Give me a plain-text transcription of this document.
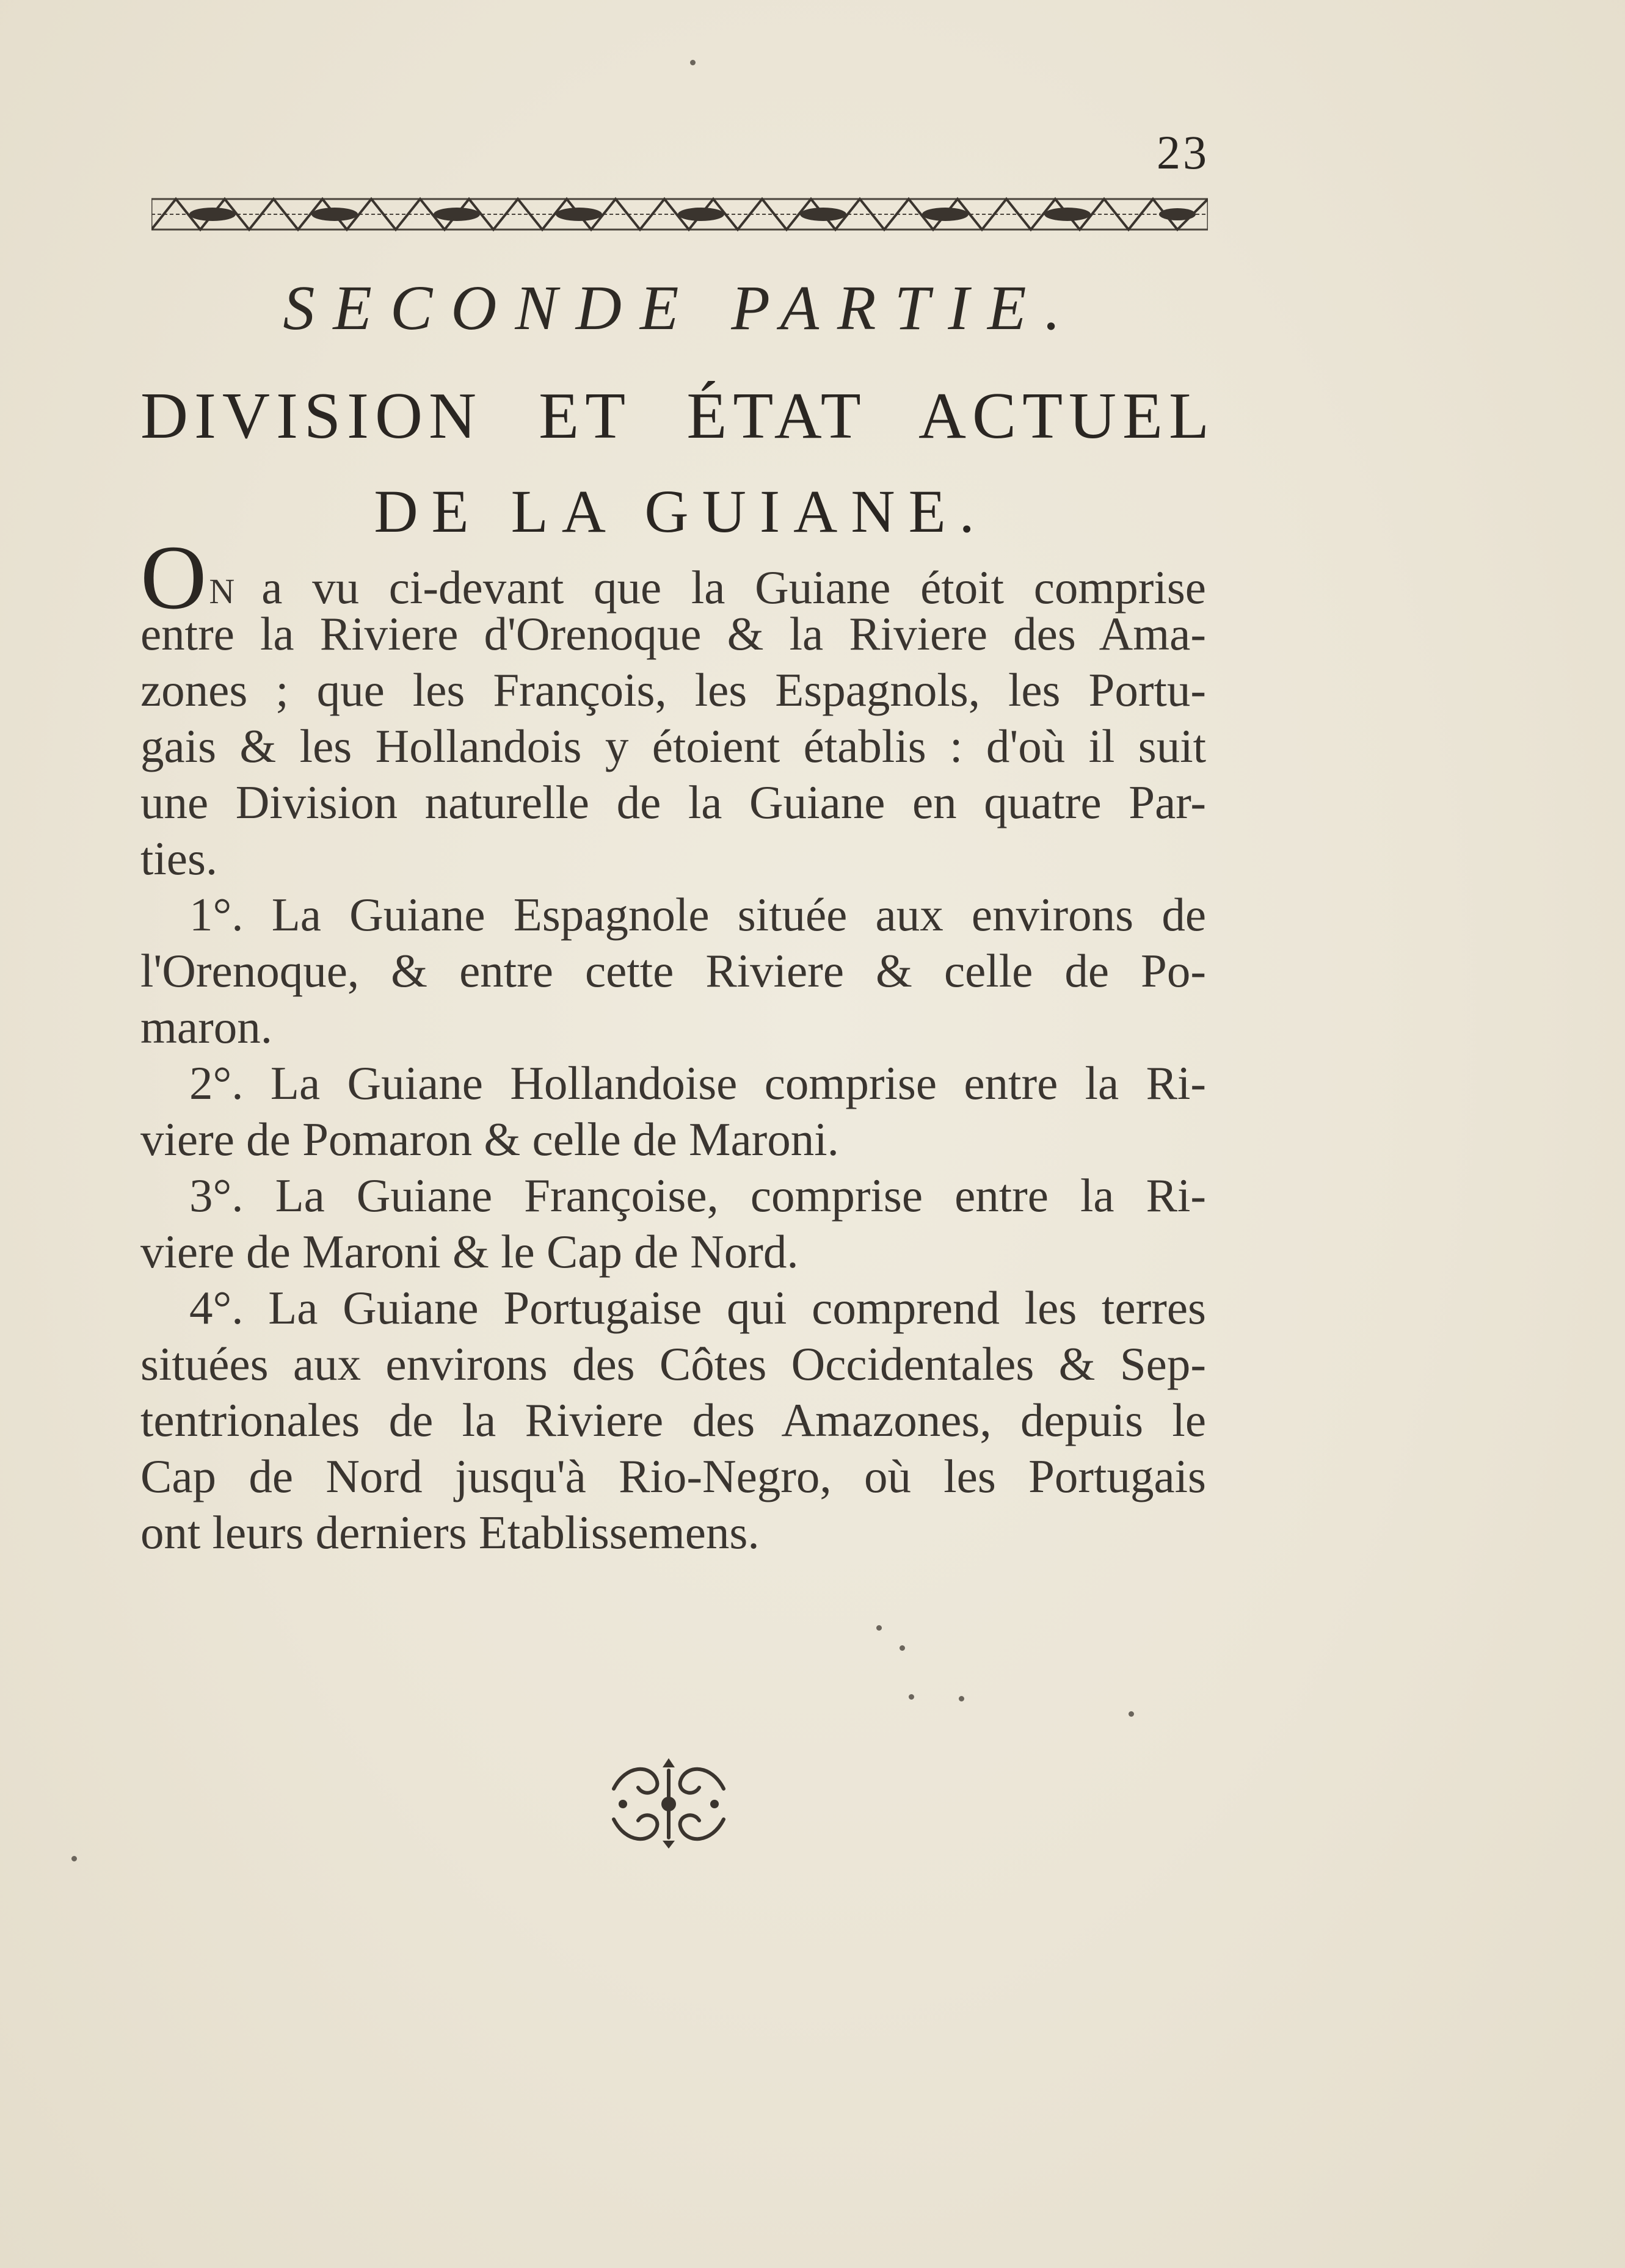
23
SECONDE PARTIE.
DIVISION ET ÉTAT ACTUEL
DE LA GUIANE.
ON a vu ci-devant que la Guiane étoit comprise
entre la Riviere d'Orenoque & la Riviere des Ama-
zones ; que les François, les Espagnols, les Portu-
gais & les Hollandois y étoient établis : d'où il suit
une Division naturelle de la Guiane en quatre Par-
ties.
1°. La Guiane Espagnole située aux environs de
l'Orenoque, & entre cette Riviere & celle de Po-
maron.
2°. La Guiane Hollandoise comprise entre la Ri-
viere de Pomaron & celle de Maroni.
3°. La Guiane Françoise, comprise entre la Ri-
viere de Maroni & le Cap de Nord.
4°. La Guiane Portugaise qui comprend les terres
situées aux environs des Côtes Occidentales & Sep-
tentrionales de la Riviere des Amazones, depuis le
Cap de Nord jusqu'à Rio-Negro, où les Portugais
ont leurs derniers Etablissemens.
